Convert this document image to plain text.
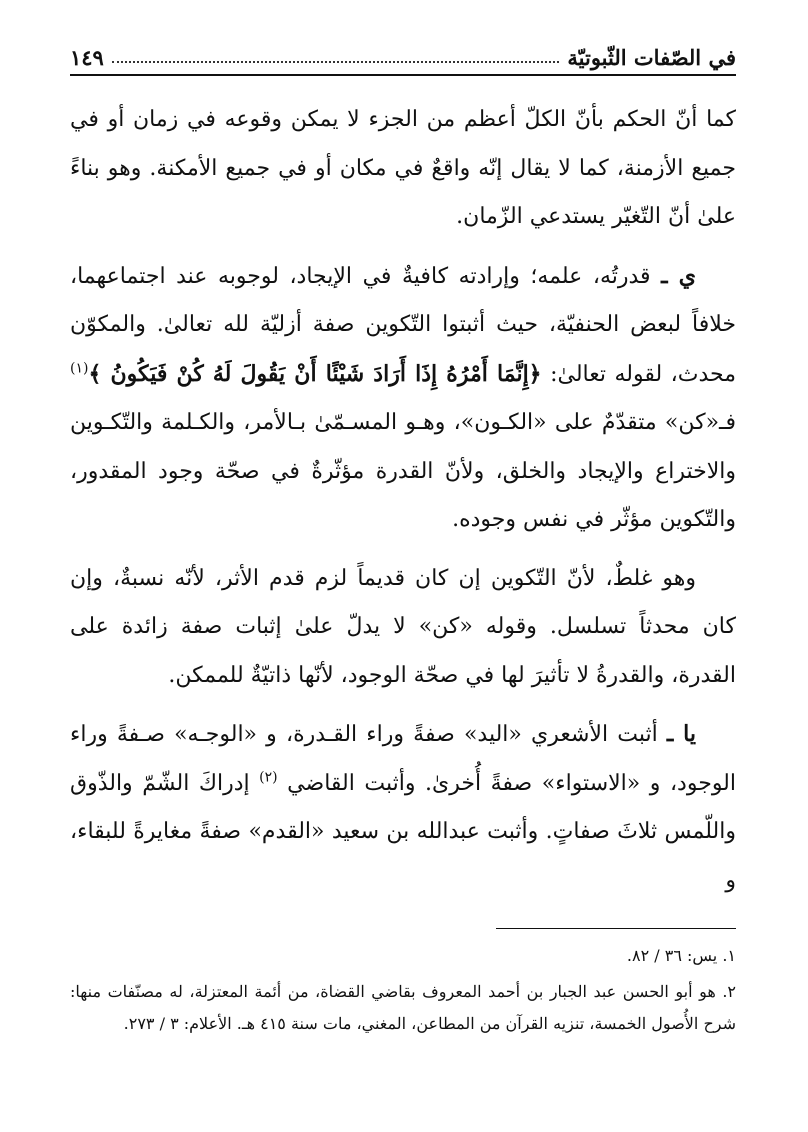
في الصّفات الثّبوتيّة
١٤٩

كما أنّ الحكم بأنّ الكلّ أعظم من الجزء لا يمكن وقوعه في زمان أو في جميع الأزمنة، كما لا يقال إنّه واقعٌ في مكان أو في جميع الأمكنة. وهو بناءً علىٰ أنّ التّغيّر يستدعي الزّمان.

ي ـ قدرتُه، علمه؛ وإرادته كافيةٌ في الإيجاد، لوجوبه عند اجتماعهما، خلافاً لبعض الحنفيّة، حيث أثبتوا التّكوين صفة أزليّة لله تعالىٰ. والمكوّن محدث، لقوله تعالىٰ: ﴿إِنَّمَا أَمْرُهُ إِذَا أَرَادَ شَيْئًا أَنْ يَقُولَ لَهُ كُنْ فَيَكُونُ ﴾$^{(١)}$ فـ«كن» متقدّمٌ على «الكـون»، وهـو المسـمّىٰ بـالأمر، والكـلمة والتّكـوين والاختراع والإيجاد والخلق، ولأنّ القدرة مؤثّرةٌ في صحّة وجود المقدور، والتّكوين مؤثّر في نفس وجوده.

وهو غلطٌ، لأنّ التّكوين إن كان قديماً لزم قدم الأثر، لأنّه نسبةٌ، وإن كان محدثاً تسلسل. وقوله «كن» لا يدلّ علىٰ إثبات صفة زائدة على القدرة، والقدرةُ لا تأثيرَ لها في صحّة الوجود، لأنّها ذاتيّةٌ للممكن.

يا ـ أثبت الأشعري «اليد» صفةً وراء القـدرة، و «الوجـه» صـفةً وراء الوجود، و «الاستواء» صفةً أُخرىٰ. وأثبت القاضي $^{(٢)}$ إدراكَ الشّمّ والذّوق واللّمس ثلاثَ صفاتٍ. وأثبت عبدالله بن سعيد «القدم» صفةً مغايرةً للبقاء، و

١. يس: ٣٦ / ٨٢.

٢. هو أبو الحسن عبد الجبار بن أحمد المعروف بقاضي القضاة، من أئمة المعتزلة، له مصنّفات منها: شرح الأُصول الخمسة، تنزيه القرآن من المطاعن، المغني، مات سنة ٤١٥ هـ. الأعلام: ٣ / ٢٧٣.
